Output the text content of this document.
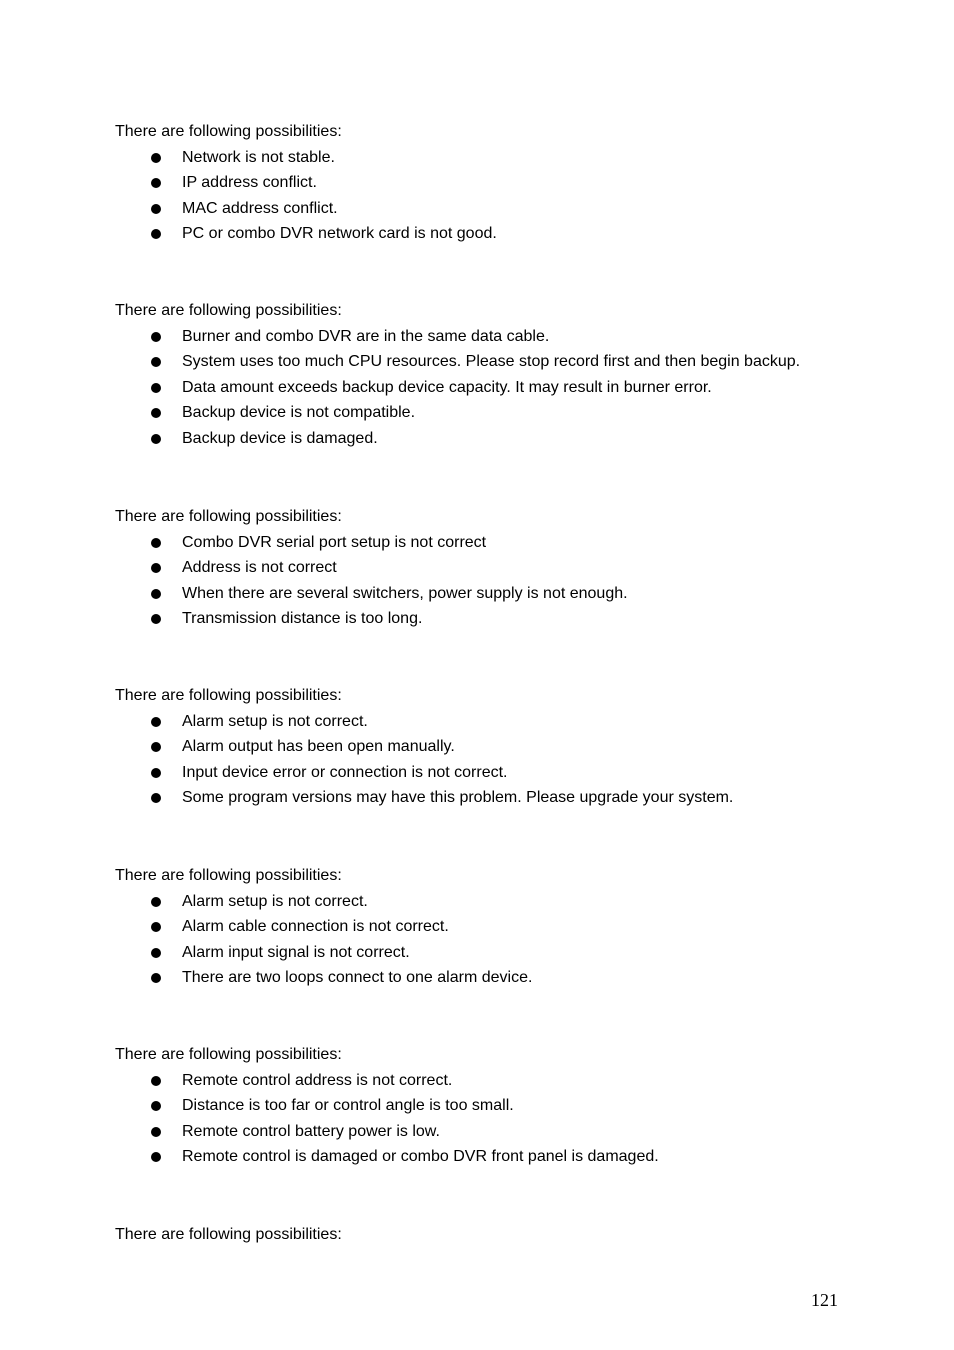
There are following possibilities:
Network is not stable.
IP address conflict.
MAC address conflict.
PC or combo DVR network card is not good.
There are following possibilities:
Burner and combo DVR are in the same data cable.
System uses too much CPU resources. Please stop record first and then begin backup.
Data amount exceeds backup device capacity. It may result in burner error.
Backup device is not compatible.
Backup device is damaged.
There are following possibilities:
Combo DVR serial port setup is not correct
Address is not correct
When there are several switchers, power supply is not enough.
Transmission distance is too long.
There are following possibilities:
Alarm setup is not correct.
Alarm output has been open manually.
Input device error or connection is not correct.
Some program versions may have this problem. Please upgrade your system.
There are following possibilities:
Alarm setup is not correct.
Alarm cable connection is not correct.
Alarm input signal is not correct.
There are two loops connect to one alarm device.
There are following possibilities:
Remote control address is not correct.
Distance is too far or control angle is too small.
Remote control battery power is low.
Remote control is damaged or combo DVR front panel is damaged.
There are following possibilities:
121
